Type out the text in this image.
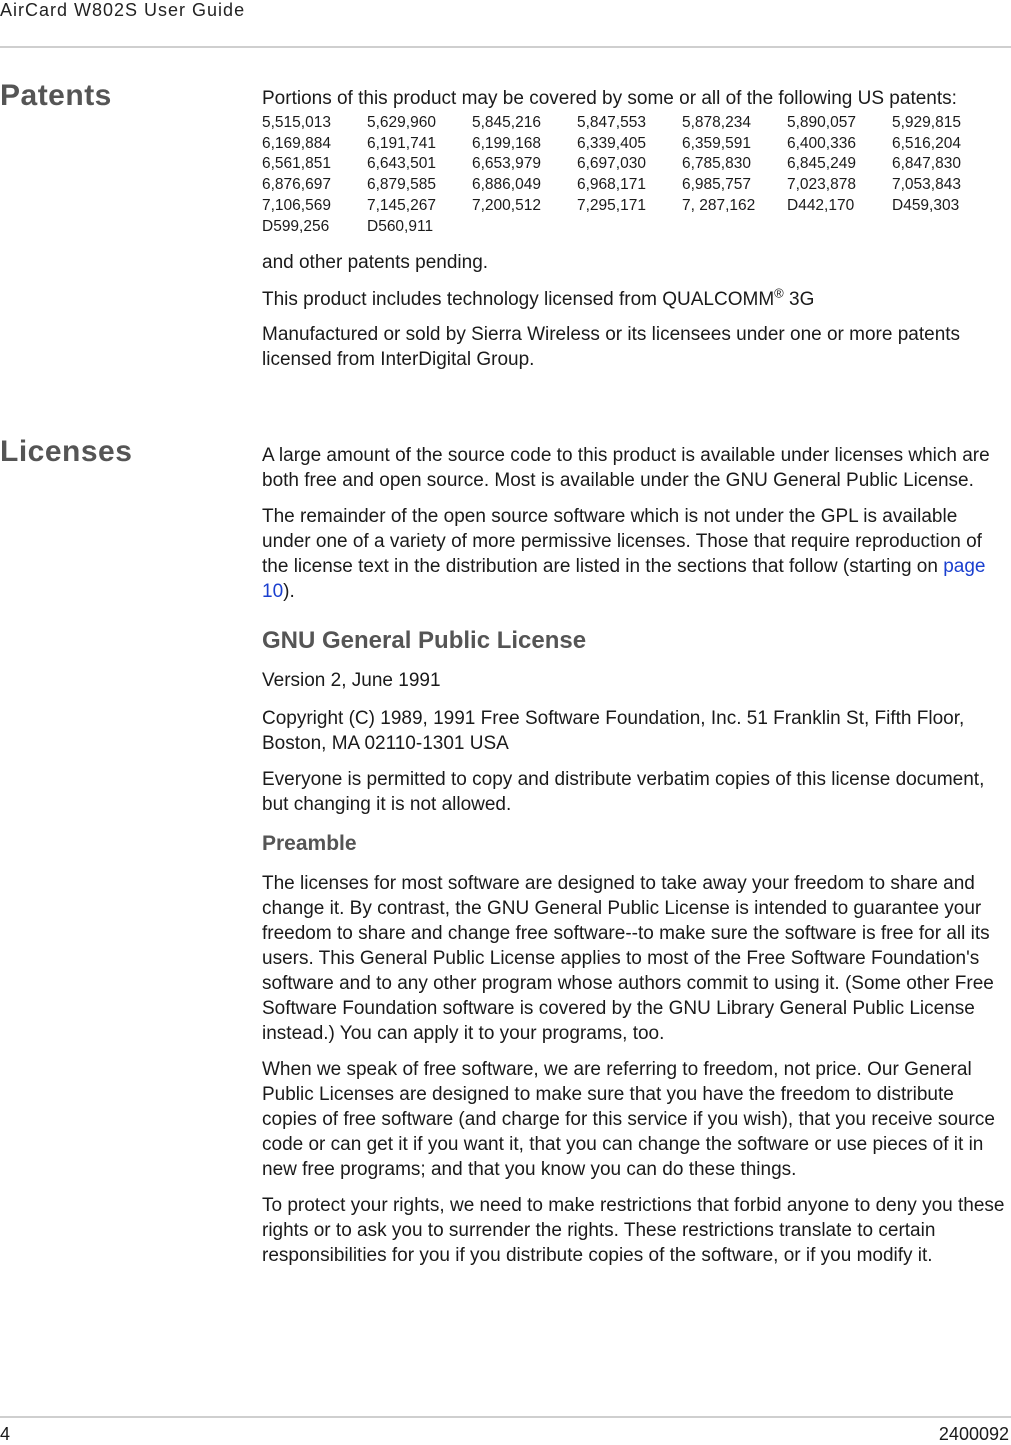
AirCard W802S User Guide
Patents	Portions of this product may be covered by some or all of the following US patents:

5,515,013	5,629,960	5,845,216	5,847,553	5,878,234	5,890,057	5,929,815
6,169,884	6,191,741	6,199,168	6,339,405	6,359,591	6,400,336	6,516,204
6,561,851	6,643,501	6,653,979	6,697,030	6,785,830	6,845,249	6,847,830
6,876,697	6,879,585	6,886,049	6,968,171	6,985,757	7,023,878	7,053,843
7,106,569	7,145,267	7,200,512	7,295,171	7, 287,162	D442,170	D459,303
D599,256	D560,911					

and other patents pending.

This product includes technology licensed from QUALCOMM® 3G

Manufactured or sold by Sierra Wireless or its licensees under one or more patents licensed from InterDigital Group.

Licenses	A large amount of the source code to this product is available under licenses which are both free and open source. Most is available under the GNU General Public License.

The remainder of the open source software which is not under the GPL is available under one of a variety of more permissive licenses. Those that require reproduction of the license text in the distribution are listed in the sections that follow (starting on page 10).

GNU General Public License

Version 2, June 1991

Copyright (C) 1989, 1991 Free Software Foundation, Inc. 51 Franklin St, Fifth Floor, Boston, MA 02110-1301 USA

Everyone is permitted to copy and distribute verbatim copies of this license document, but changing it is not allowed.

Preamble

The licenses for most software are designed to take away your freedom to share and change it. By contrast, the GNU General Public License is intended to guarantee your freedom to share and change free software--to make sure the software is free for all its users. This General Public License applies to most of the Free Software Foundation's software and to any other program whose authors commit to using it. (Some other Free Software Foundation software is covered by the GNU Library General Public License instead.) You can apply it to your programs, too.

When we speak of free software, we are referring to freedom, not price. Our General Public Licenses are designed to make sure that you have the freedom to distribute copies of free software (and charge for this service if you wish), that you receive source code or can get it if you want it, that you can change the software or use pieces of it in new free programs; and that you know you can do these things.

To protect your rights, we need to make restrictions that forbid anyone to deny you these rights or to ask you to surrender the rights. These restrictions translate to certain responsibilities for you if you distribute copies of the software, or if you modify it.

4	2400092
